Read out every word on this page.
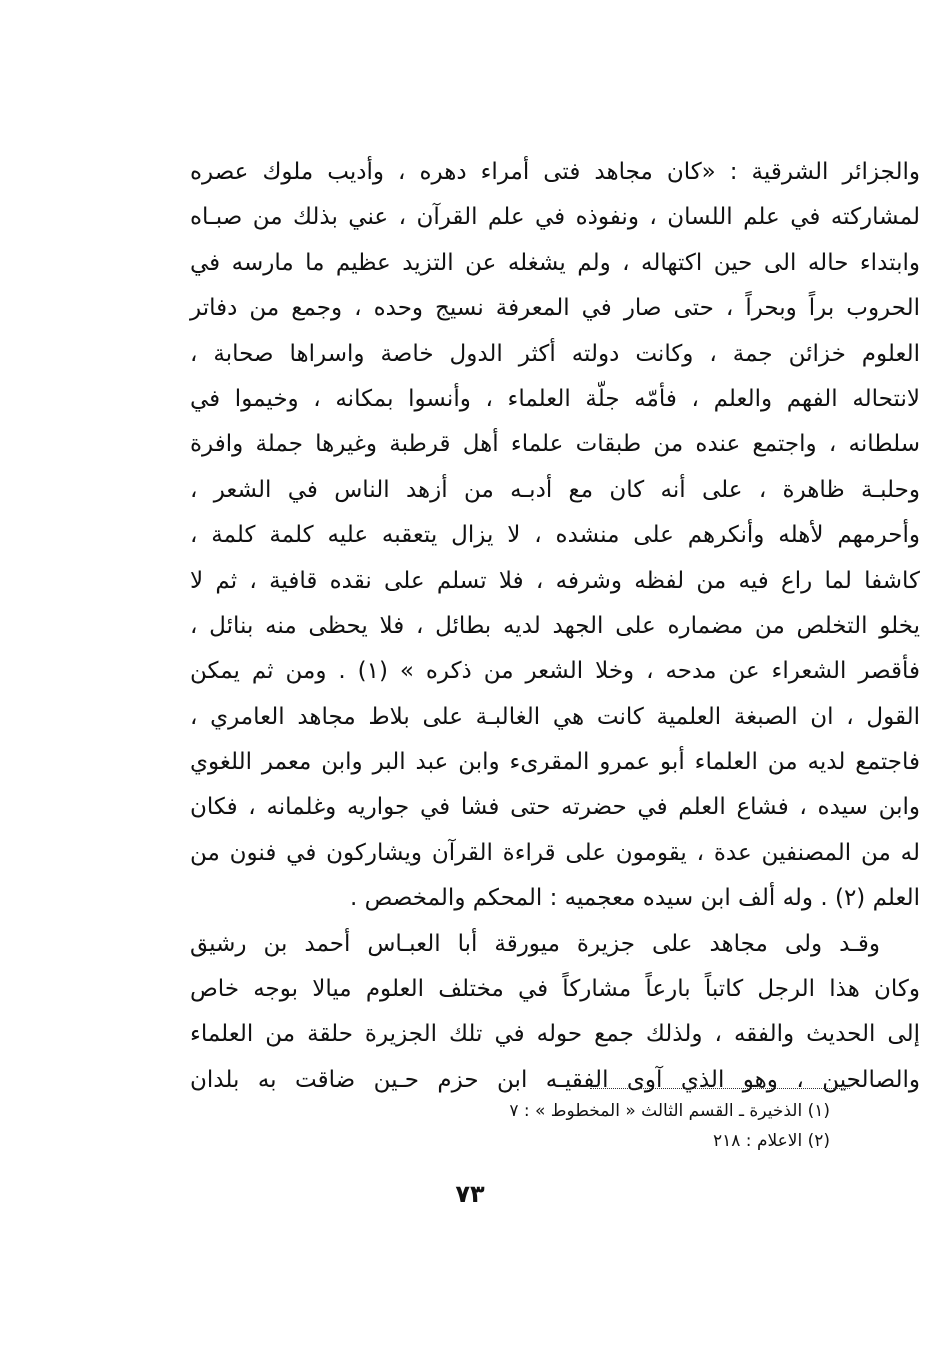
والجزائر الشرقية : «كان مجاهد فتى أمراء دهره ، وأديب ملوك عصره
لمشاركته في علم اللسان ، ونفوذه في علم القرآن ، عني بذلك من صبـاه
وابتداء حاله الى حين اكتهاله ، ولم يشغله عن التزيد عظيم ما مارسه في
الحروب براً وبحراً ، حتى صار في المعرفة نسيج وحده ، وجمع من دفاتر
العلوم خزائن جمة ، وكانت دولته أكثر الدول خاصة واسراها صحابة ،
لانتحاله الفهم والعلم ، فأمّه جلّة العلماء ، وأنسوا بمكانه ، وخيموا في
سلطانه ، واجتمع عنده من طبقات علماء أهل قرطبة وغيرها جملة وافرة
وحلبـة ظاهرة ، على أنه كان مع أدبـه من أزهد الناس في الشعر ،
وأحرمهم لأهله وأنكرهم على منشده ، لا يزال يتعقبه عليه كلمة كلمة ،
كاشفا لما راع فيه من لفظه وشرفه ، فلا تسلم على نقده قافية ، ثم لا
يخلو التخلص من مضماره على الجهد لديه بطائل ، فلا يحظى منه بنائل ،
فأقصر الشعراء عن مدحه ، وخلا الشعر من ذكره » (١) . ومن ثم يمكن
القول ، ان الصبغة العلمية كانت هي الغالبـة على بلاط مجاهد العامري ،
فاجتمع لديه من العلماء أبو عمرو المقرىء وابن عبد البر وابن معمر اللغوي
وابن سيده ، فشاع العلم في حضرته حتى فشا في جواريه وغلمانه ، فكان
له من المصنفين عدة ، يقومون على قراءة القرآن ويشاركون في فنون من
العلم (٢) . وله ألف ابن سيده معجميه : المحكم والمخصص .
وقـد ولى مجاهد على جزيرة ميورقة أبا العبـاس أحمد بن رشيق
وكان هذا الرجل كاتباً بارعاً مشاركاً في مختلف العلوم ميالا بوجه خاص
إلى الحديث والفقه ، ولذلك جمع حوله في تلك الجزيرة حلقة من العلماء
والصالحين ، وهو الذي آوى الفقيـه ابن حزم حـين ضاقت به بلدان
(١) الذخيرة ـ القسم الثالث « المخطوط » : ٧
(٢) الاعلام : ٢١٨
٧٣
